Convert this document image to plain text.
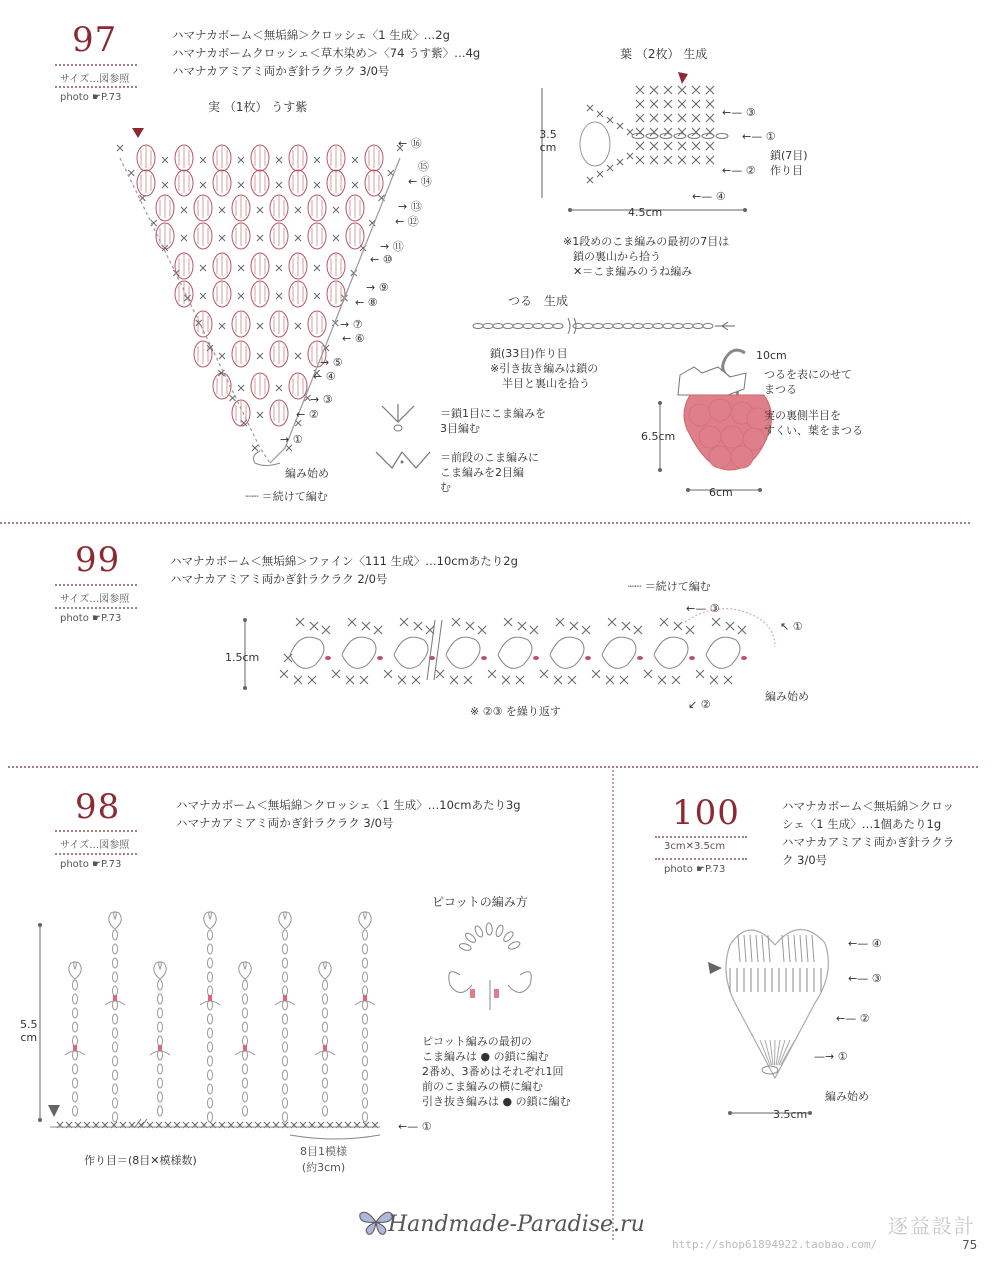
97
サイズ…図参照
photo ☛P.73
ハマナカボーム＜無垢綿＞クロッシェ〈1 生成〉…2g
ハマナカボームクロッシェ＜草木染め＞〈74 うす紫〉…4g
ハマナカアミアミ両かぎ針ラクラク 3/0号
実 （1枚） うす紫
← ⑯
⑮
← ⑭
→ ⑬
← ⑫
→ ⑪
← ⑩
→ ⑨
← ⑧
→ ⑦
← ⑥
→ ⑤
← ④
→ ③
← ②
→ ①
編み始め
┈┈ ＝続けて編む
＝鎖1目にこま編みを
3目編む
＝前段のこま編みに
こま編みを2目編
む
葉 （2枚） 生成
3.5 cm
4.5cm
←— ③
←— ①
←— ②
←— ④
鎖(7目)
作り目
※1段めのこま編みの最初の7目は
鎖の裏山から拾う
✕＝こま編みのうね編み
つる　生成
鎖(33目)作り目
※引き抜き編みは鎖の
半目と裏山を拾う
10cm
つるを表にのせて
まつる
実の裏側半目を
すくい、葉をまつる
6.5cm
6cm
99
サイズ…図参照
photo ☛P.73
ハマナカボーム＜無垢綿＞ファイン〈111 生成〉…10cmあたり2g
ハマナカアミアミ両かぎ針ラクラク 2/0号
┈┈ ＝続けて編む
1.5cm
←— ③
↖ ①
↙ ②
編み始め
※ ②③ を繰り返す
98
サイズ…図参照
photo ☛P.73
ハマナカボーム＜無垢綿＞クロッシェ〈1 生成〉…10cmあたり3g
ハマナカアミアミ両かぎ針ラクラク 3/0号
5.5
cm
←— ①
作り目＝(8目✕模様数)
8目1模様
(約3cm)
ピコットの編み方
ピコット編みの最初の
こま編みは ● の鎖に編む
2番め、3番めはそれぞれ1回
前のこま編みの横に編む
引き抜き編みは ● の鎖に編む
100
3cm✕3.5cm
photo ☛P.73
ハマナカボーム＜無垢綿＞クロッ
シェ〈1 生成〉…1個あたり1g
ハマナカアミアミ両かぎ針ラクラ
ク 3/0号
←— ④
←— ③
←— ②
—→ ①
編み始め
3.5cm
Handmade-Paradise.ru	逐益設計
http://shop61894922.taobao.com/	75
